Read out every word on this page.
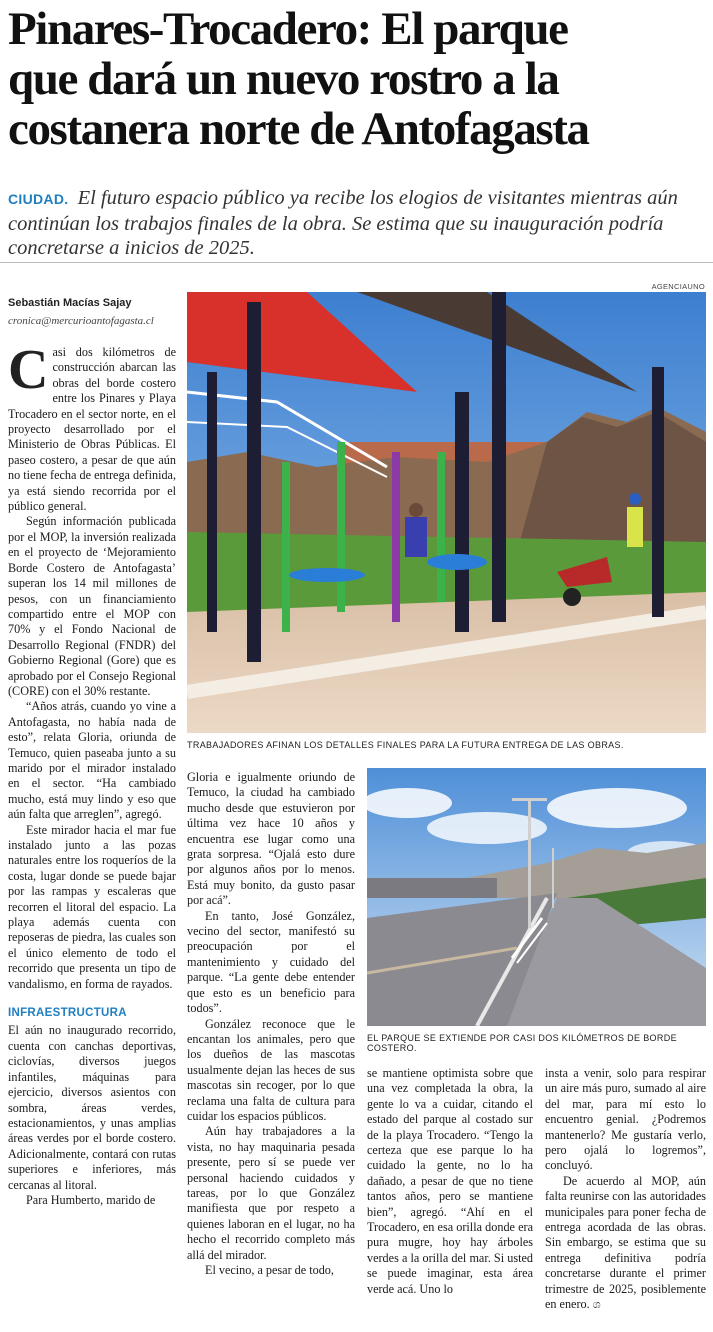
Pinares-Trocadero: El parque
que dará un nuevo rostro a la
costanera norte de Antofagasta
CIUDAD. El futuro espacio público ya recibe los elogios de visitantes mientras aún continúan los trabajos finales de la obra. Se estima que su inauguración podría concretarse a inicios de 2025.
Sebastián Macías Sajay
cronica@mercurioantofagasta.cl
AGENCIAUNO
TRABAJADORES AFINAN LOS DETALLES FINALES PARA LA FUTURA ENTREGA DE LAS OBRAS.
EL PARQUE SE EXTIENDE POR CASI DOS KILÓMETROS DE BORDE COSTERO.

Casi dos kilómetros de construcción abarcan las obras del borde costero entre los Pinares y Playa Trocadero en el sector norte, en el proyecto desarrollado por el Ministerio de Obras Públicas. El paseo costero, a pesar de que aún no tiene fecha de entrega definida, ya está siendo recorrida por el público general.

Según información publicada por el MOP, la inversión realizada en el proyecto de ‘Mejoramiento Borde Costero de Antofagasta’ superan los 14 mil millones de pesos, con un financiamiento compartido entre el MOP con 70% y el Fondo Nacional de Desarrollo Regional (FNDR) del Gobierno Regional (Gore) que es aprobado por el Consejo Regional (CORE) con el 30% restante.

“Años atrás, cuando yo vine a Antofagasta, no había nada de esto”, relata Gloria, oriunda de Temuco, quien paseaba junto a su marido por el mirador instalado en el sector. “Ha cambiado mucho, está muy lindo y eso que aún falta que arreglen”, agregó.

Este mirador hacia el mar fue instalado junto a las pozas naturales entre los roqueríos de la costa, lugar donde se puede bajar por las rampas y escaleras que recorren el litoral del espacio. La playa además cuenta con reposeras de piedra, las cuales son el único elemento de todo el recorrido que presenta un tipo de vandalismo, en forma de rayados.

INFRAESTRUCTURA

El aún no inaugurado recorrido, cuenta con canchas deportivas, ciclovías, diversos juegos infantiles, máquinas para ejercicio, diversos asientos con sombra, áreas verdes, estacionamientos, y unas amplias áreas verdes por el borde costero. Adicionalmente, contará con rutas superiores e inferiores, más cercanas al litoral.

Para Humberto, marido de

Gloria e igualmente oriundo de Temuco, la ciudad ha cambiado mucho desde que estuvieron por última vez hace 10 años y encuentra ese lugar como una grata sorpresa. “Ojalá esto dure por algunos años por lo menos. Está muy bonito, da gusto pasar por acá”.

En tanto, José González, vecino del sector, manifestó su preocupación por el mantenimiento y cuidado del parque. “La gente debe entender que esto es un beneficio para todos”.

González reconoce que le encantan los animales, pero que los dueños de las mascotas usualmente dejan las heces de sus mascotas sin recoger, por lo que reclama una falta de cultura para cuidar los espacios públicos.

Aún hay trabajadores a la vista, no hay maquinaria pesada presente, pero sí se puede ver personal haciendo cuidados y tareas, por lo que González manifiesta que por respeto a quienes laboran en el lugar, no ha hecho el recorrido completo más allá del mirador.

El vecino, a pesar de todo,

se mantiene optimista sobre que una vez completada la obra, la gente lo va a cuidar, citando el estado del parque al costado sur de la playa Trocadero. “Tengo la certeza que ese parque lo ha cuidado la gente, no lo ha dañado, a pesar de que no tiene tantos años, pero se mantiene bien”, agregó. “Ahí en el Trocadero, en esa orilla donde era pura mugre, hoy hay árboles verdes a la orilla del mar. Si usted se puede imaginar, esta área verde acá. Uno lo

insta a venir, solo para respirar un aire más puro, sumado al aire del mar, para mí esto lo encuentro genial. ¿Podremos mantenerlo? Me gustaría verlo, pero ojalá lo logremos”, concluyó.

De acuerdo al MOP, aún falta reunirse con las autoridades municipales para poner fecha de entrega acordada de las obras. Sin embargo, se estima que su entrega definitiva podría concretarse durante el primer trimestre de 2025, posiblemente en enero. ශ
